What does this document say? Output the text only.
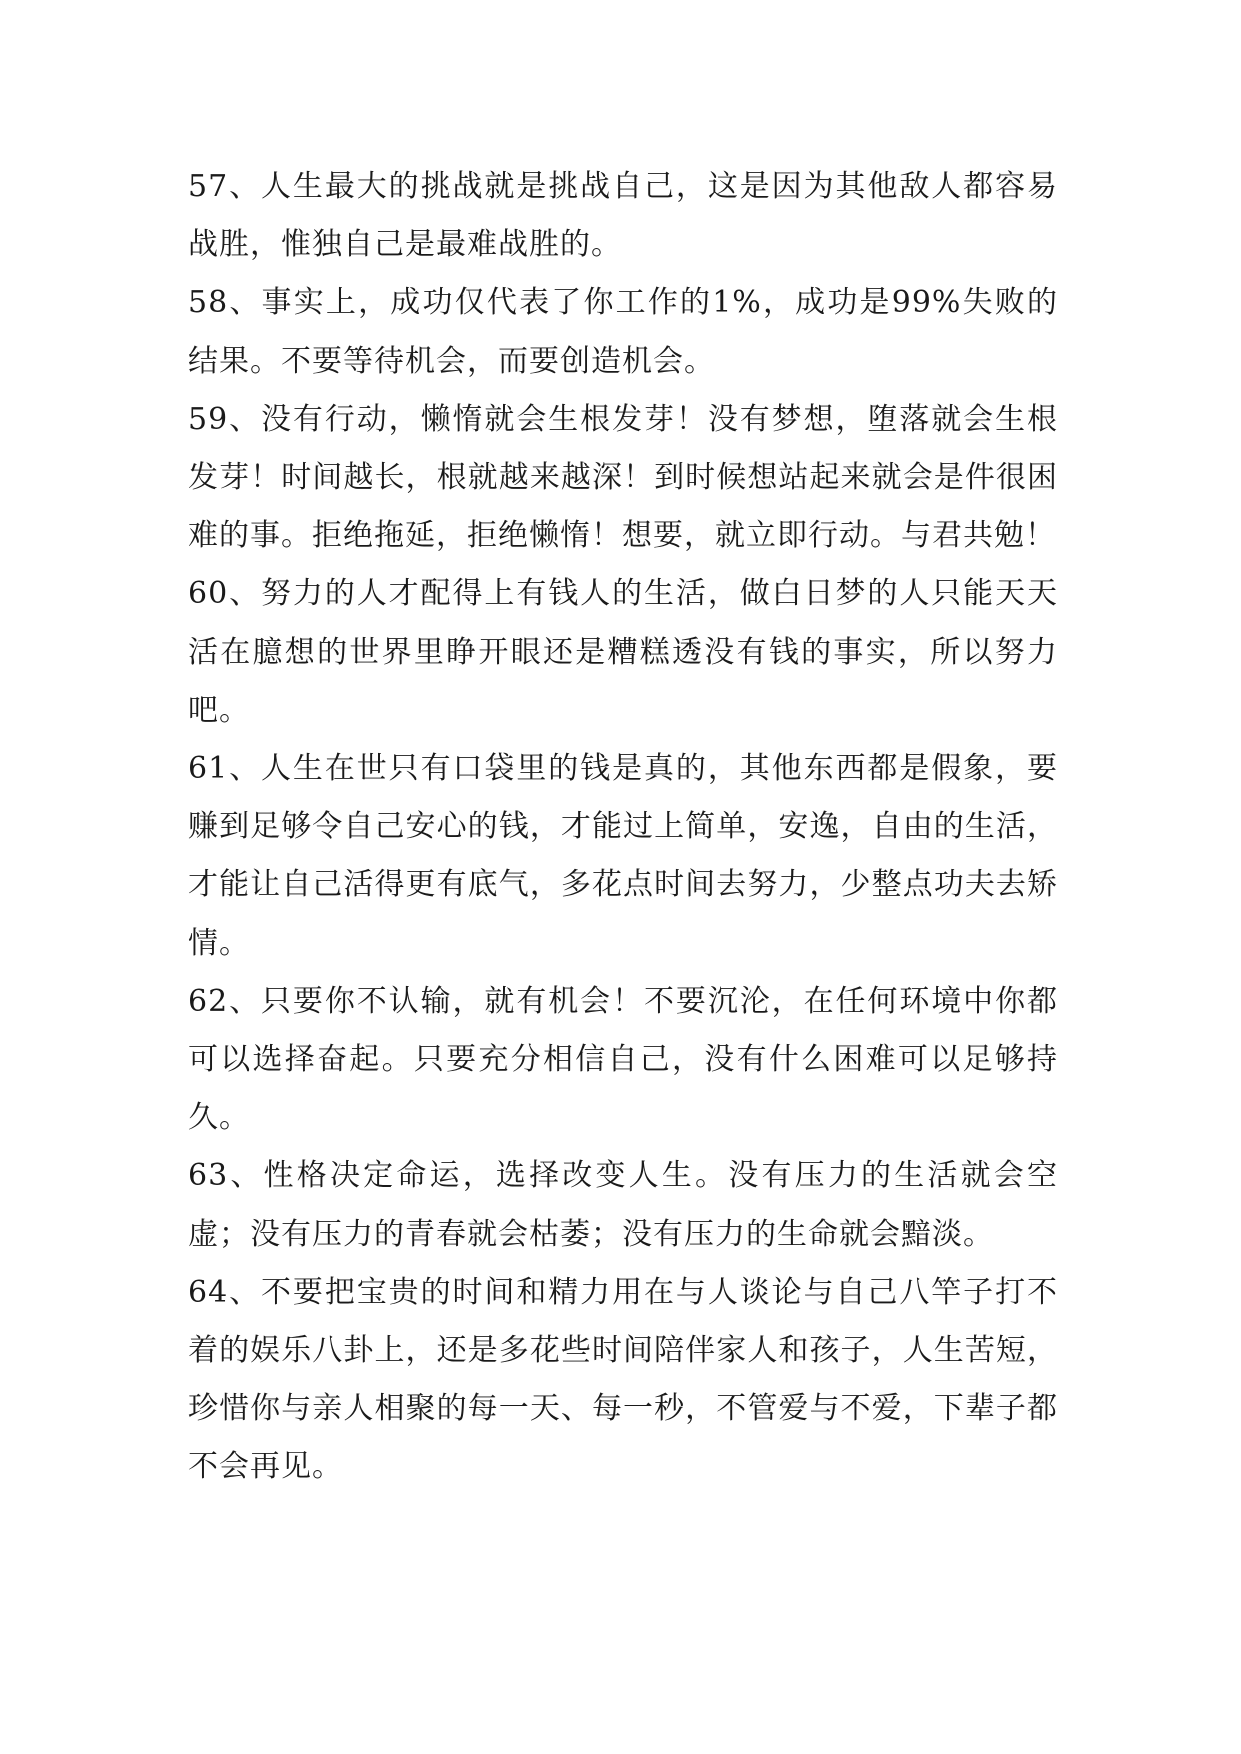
57、人生最大的挑战就是挑战自己，这是因为其他敌人都容易战胜，惟独自己是最难战胜的。

58、事实上，成功仅代表了你工作的1%，成功是99%失败的结果。不要等待机会，而要创造机会。

59、没有行动，懒惰就会生根发芽！没有梦想，堕落就会生根发芽！时间越长，根就越来越深！到时候想站起来就会是件很困难的事。拒绝拖延，拒绝懒惰！想要，就立即行动。与君共勉！

60、努力的人才配得上有钱人的生活，做白日梦的人只能天天活在臆想的世界里睁开眼还是糟糕透没有钱的事实，所以努力吧。

61、人生在世只有口袋里的钱是真的，其他东西都是假象，要赚到足够令自己安心的钱，才能过上简单，安逸，自由的生活，才能让自己活得更有底气，多花点时间去努力，少整点功夫去矫情。

62、只要你不认输，就有机会！不要沉沦，在任何环境中你都可以选择奋起。只要充分相信自己，没有什么困难可以足够持久。

63、性格决定命运，选择改变人生。没有压力的生活就会空虚；没有压力的青春就会枯萎；没有压力的生命就会黯淡。

64、不要把宝贵的时间和精力用在与人谈论与自己八竿子打不着的娱乐八卦上，还是多花些时间陪伴家人和孩子，人生苦短，珍惜你与亲人相聚的每一天、每一秒，不管爱与不爱，下辈子都不会再见。
